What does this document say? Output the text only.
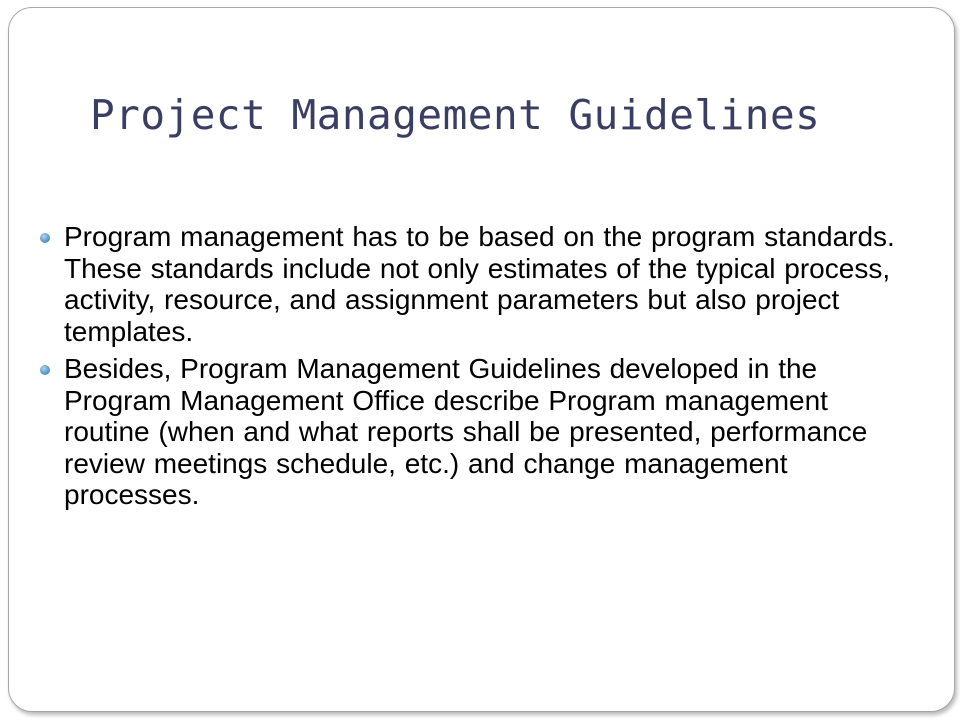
Project Management Guidelines
Program management has to be based on the program standards. These standards include not only estimates of the typical process, activity, resource, and assignment parameters but also project templates.
Besides, Program Management Guidelines developed in the Program Management Office describe Program management routine (when and what reports shall be presented, performance review meetings schedule, etc.) and change management processes.
